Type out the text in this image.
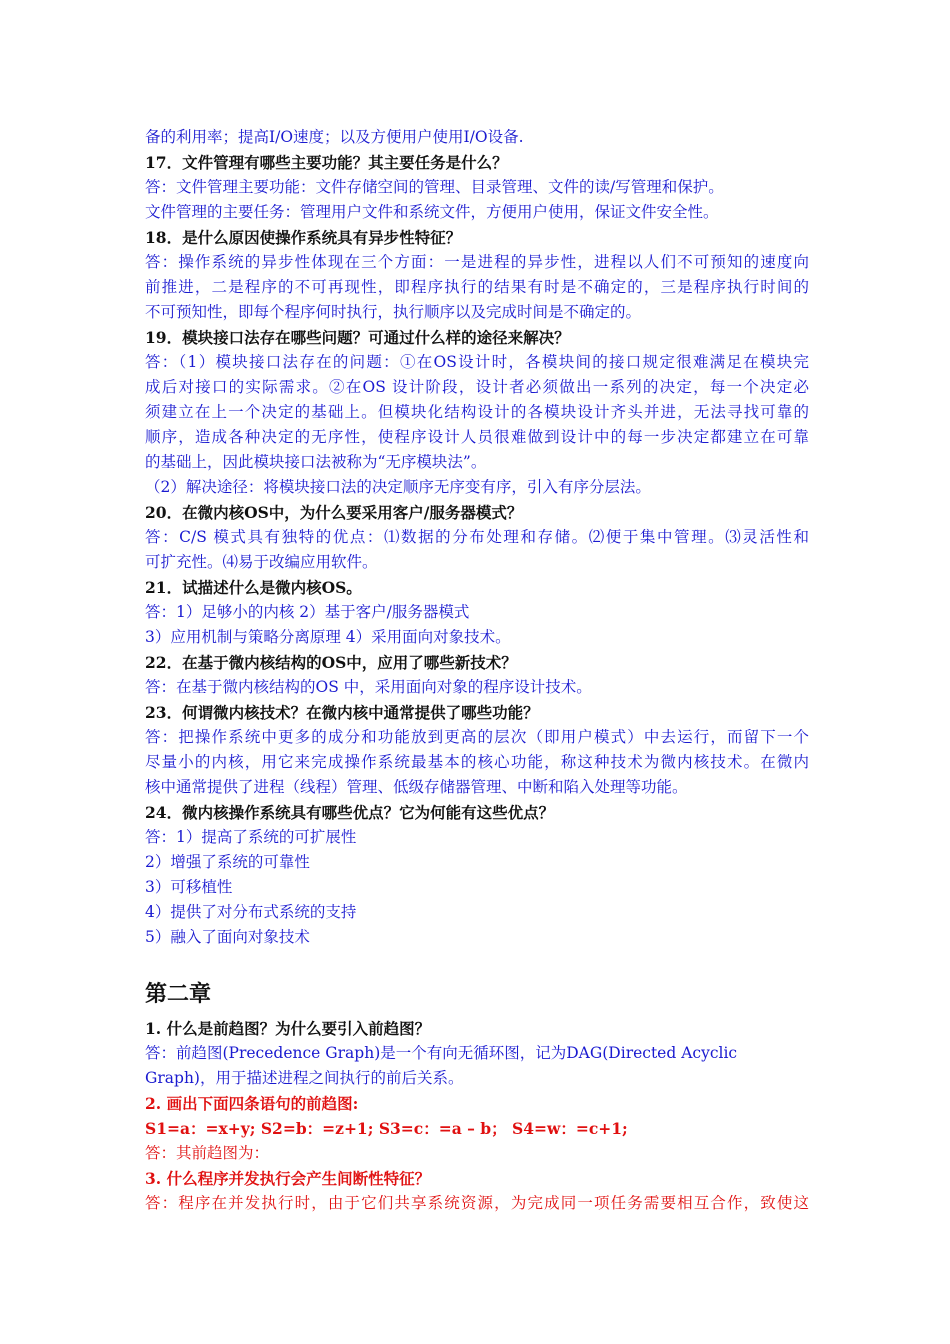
备的利用率；提高I/O速度；以及方便用户使用I/O设备.
17．文件管理有哪些主要功能？其主要任务是什么？
答：文件管理主要功能：文件存储空间的管理、目录管理、文件的读/写管理和保护。
文件管理的主要任务：管理用户文件和系统文件，方便用户使用，保证文件安全性。
18．是什么原因使操作系统具有异步性特征？
答：操作系统的异步性体现在三个方面：一是进程的异步性，进程以人们不可预知的速度向
前推进，二是程序的不可再现性，即程序执行的结果有时是不确定的，三是程序执行时间的
不可预知性，即每个程序何时执行，执行顺序以及完成时间是不确定的。
19．模块接口法存在哪些问题？可通过什么样的途径来解决？
答：（1）模块接口法存在的问题：①在OS设计时，各模块间的接口规定很难满足在模块完
成后对接口的实际需求。②在OS 设计阶段，设计者必须做出一系列的决定，每一个决定必
须建立在上一个决定的基础上。但模块化结构设计的各模块设计齐头并进，无法寻找可靠的
顺序，造成各种决定的无序性，使程序设计人员很难做到设计中的每一步决定都建立在可靠
的基础上，因此模块接口法被称为“无序模块法”。
（2）解决途径：将模块接口法的决定顺序无序变有序，引入有序分层法。
20．在微内核OS中，为什么要采用客户/服务器模式？
答：C/S 模式具有独特的优点：⑴数据的分布处理和存储。⑵便于集中管理。⑶灵活性和
可扩充性。⑷易于改编应用软件。
21．试描述什么是微内核OS。
答：1）足够小的内核 2）基于客户/服务器模式
3）应用机制与策略分离原理 4）采用面向对象技术。
22．在基于微内核结构的OS中，应用了哪些新技术？
答：在基于微内核结构的OS 中，采用面向对象的程序设计技术。
23．何谓微内核技术？在微内核中通常提供了哪些功能？
答：把操作系统中更多的成分和功能放到更高的层次（即用户模式）中去运行，而留下一个
尽量小的内核，用它来完成操作系统最基本的核心功能，称这种技术为微内核技术。在微内
核中通常提供了进程（线程）管理、低级存储器管理、中断和陷入处理等功能。
24．微内核操作系统具有哪些优点？它为何能有这些优点？
答：1）提高了系统的可扩展性
2）增强了系统的可靠性
3）可移植性
4）提供了对分布式系统的支持
5）融入了面向对象技术
第二章
1. 什么是前趋图？为什么要引入前趋图？
答：前趋图(Precedence Graph)是一个有向无循环图，记为DAG(Directed Acyclic
Graph)，用于描述进程之间执行的前后关系。
2. 画出下面四条语句的前趋图:
S1=a：=x+y; S2=b：=z+1; S3=c：=a – b； S4=w：=c+1;
答：其前趋图为：
3. 什么程序并发执行会产生间断性特征？
答：程序在并发执行时，由于它们共享系统资源，为完成同一项任务需要相互合作，致使这
